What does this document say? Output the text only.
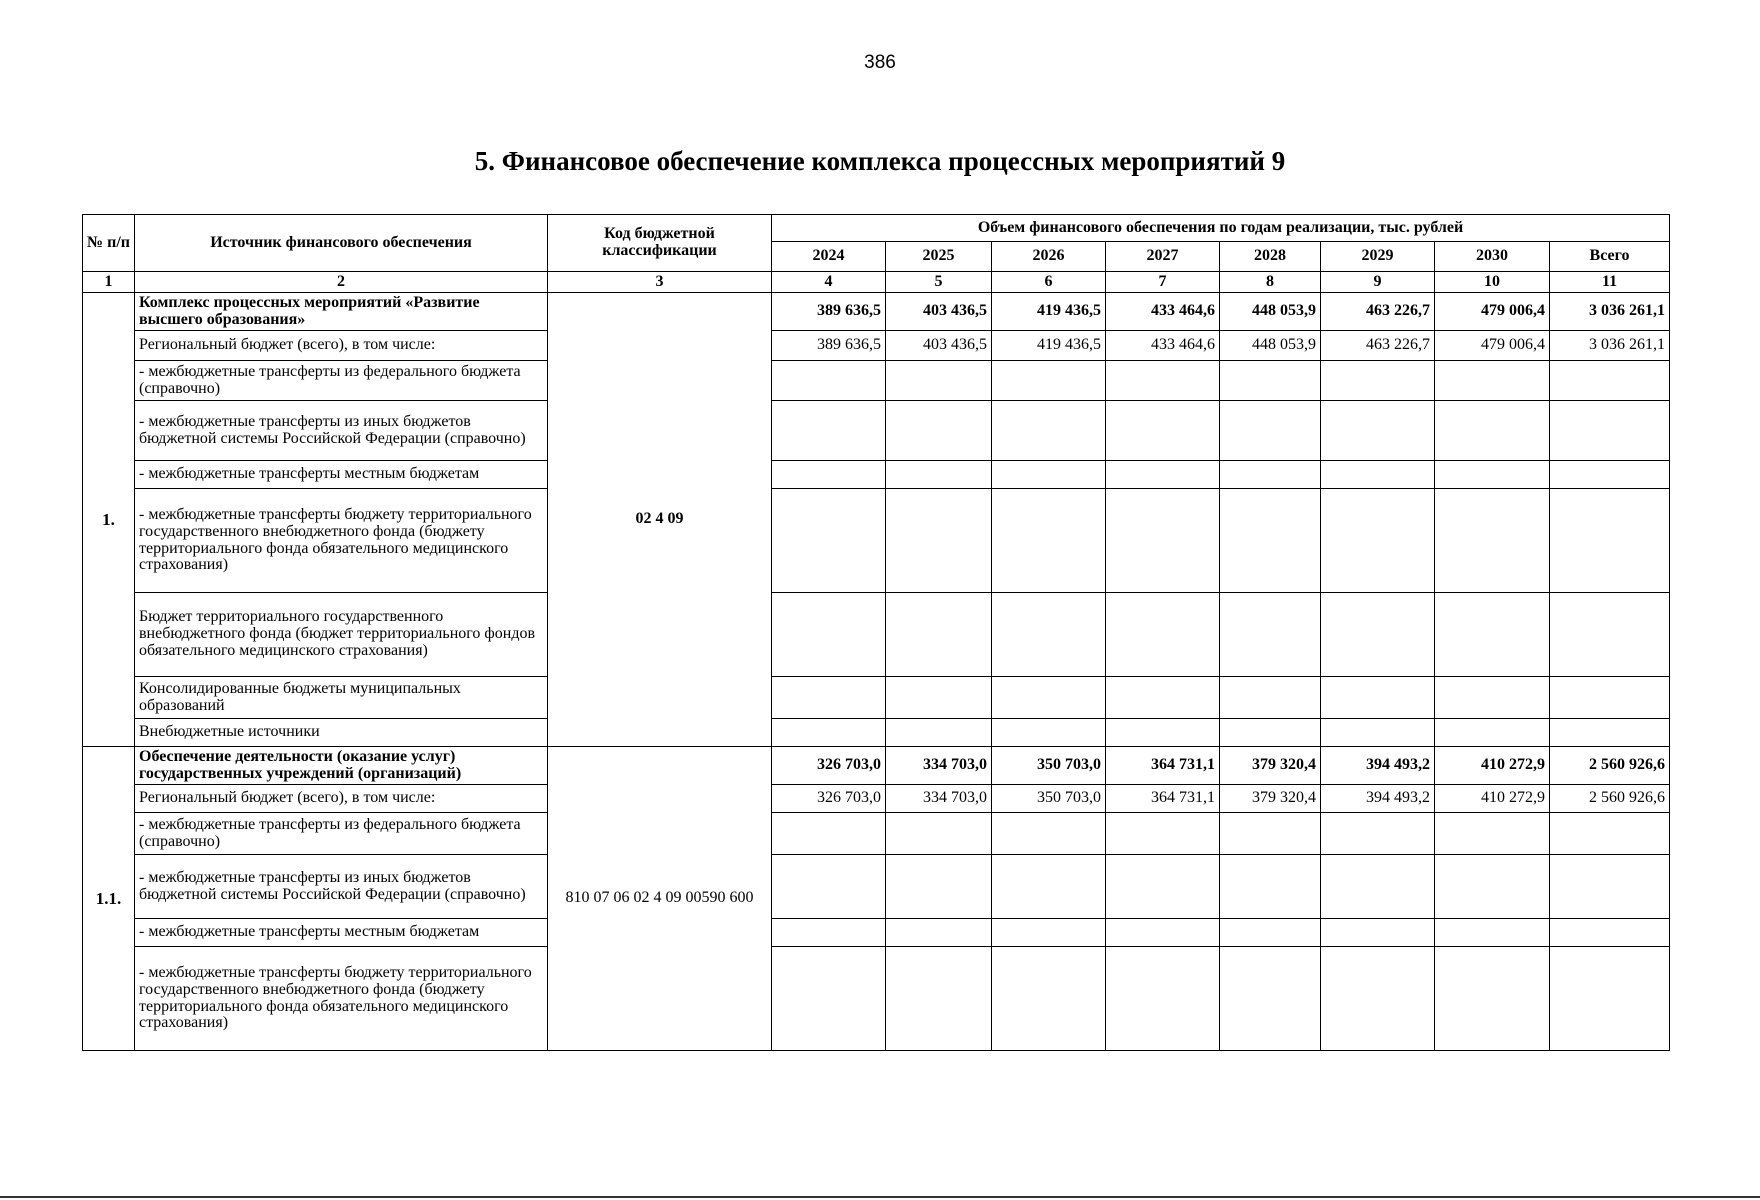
386
5. Финансовое обеспечение комплекса процессных мероприятий 9
№ п/п	Источник финансового обеспечения	Код бюджетной классификации	Объем финансового обеспечения по годам реализации, тыс. рублей							
			2024	2025	2026	2027	2028	2029	2030	Всего
1	2	3	4	5	6	7	8	9	10	11
1.	Комплекс процессных мероприятий «Развитие высшего образования»	02 4 09	389 636,5	403 436,5	419 436,5	433 464,6	448 053,9	463 226,7	479 006,4	3 036 261,1
	Региональный бюджет (всего), в том числе:		389 636,5	403 436,5	419 436,5	433 464,6	448 053,9	463 226,7	479 006,4	3 036 261,1
	- межбюджетные трансферты из федерального бюджета (справочно)									
	- межбюджетные трансферты из иных бюджетов бюджетной системы Российской Федерации (справочно)									
	- межбюджетные трансферты местным бюджетам									
	- межбюджетные трансферты бюджету территориального государственного внебюджетного фонда (бюджету территориального фонда обязательного медицинского страхования)									
	Бюджет территориального государственного внебюджетного фонда (бюджет территориального фондов обязательного медицинского страхования)									
	Консолидированные бюджеты муниципальных образований									
	Внебюджетные источники									
1.1.	Обеспечение деятельности (оказание услуг) государственных учреждений (организаций)	810 07 06 02 4 09 00590 600	326 703,0	334 703,0	350 703,0	364 731,1	379 320,4	394 493,2	410 272,9	2 560 926,6
	Региональный бюджет (всего), в том числе:		326 703,0	334 703,0	350 703,0	364 731,1	379 320,4	394 493,2	410 272,9	2 560 926,6
	- межбюджетные трансферты из федерального бюджета (справочно)									
	- межбюджетные трансферты из иных бюджетов бюджетной системы Российской Федерации (справочно)									
	- межбюджетные трансферты местным бюджетам									
	- межбюджетные трансферты бюджету территориального государственного внебюджетного фонда (бюджету территориального фонда обязательного медицинского страхования)									
